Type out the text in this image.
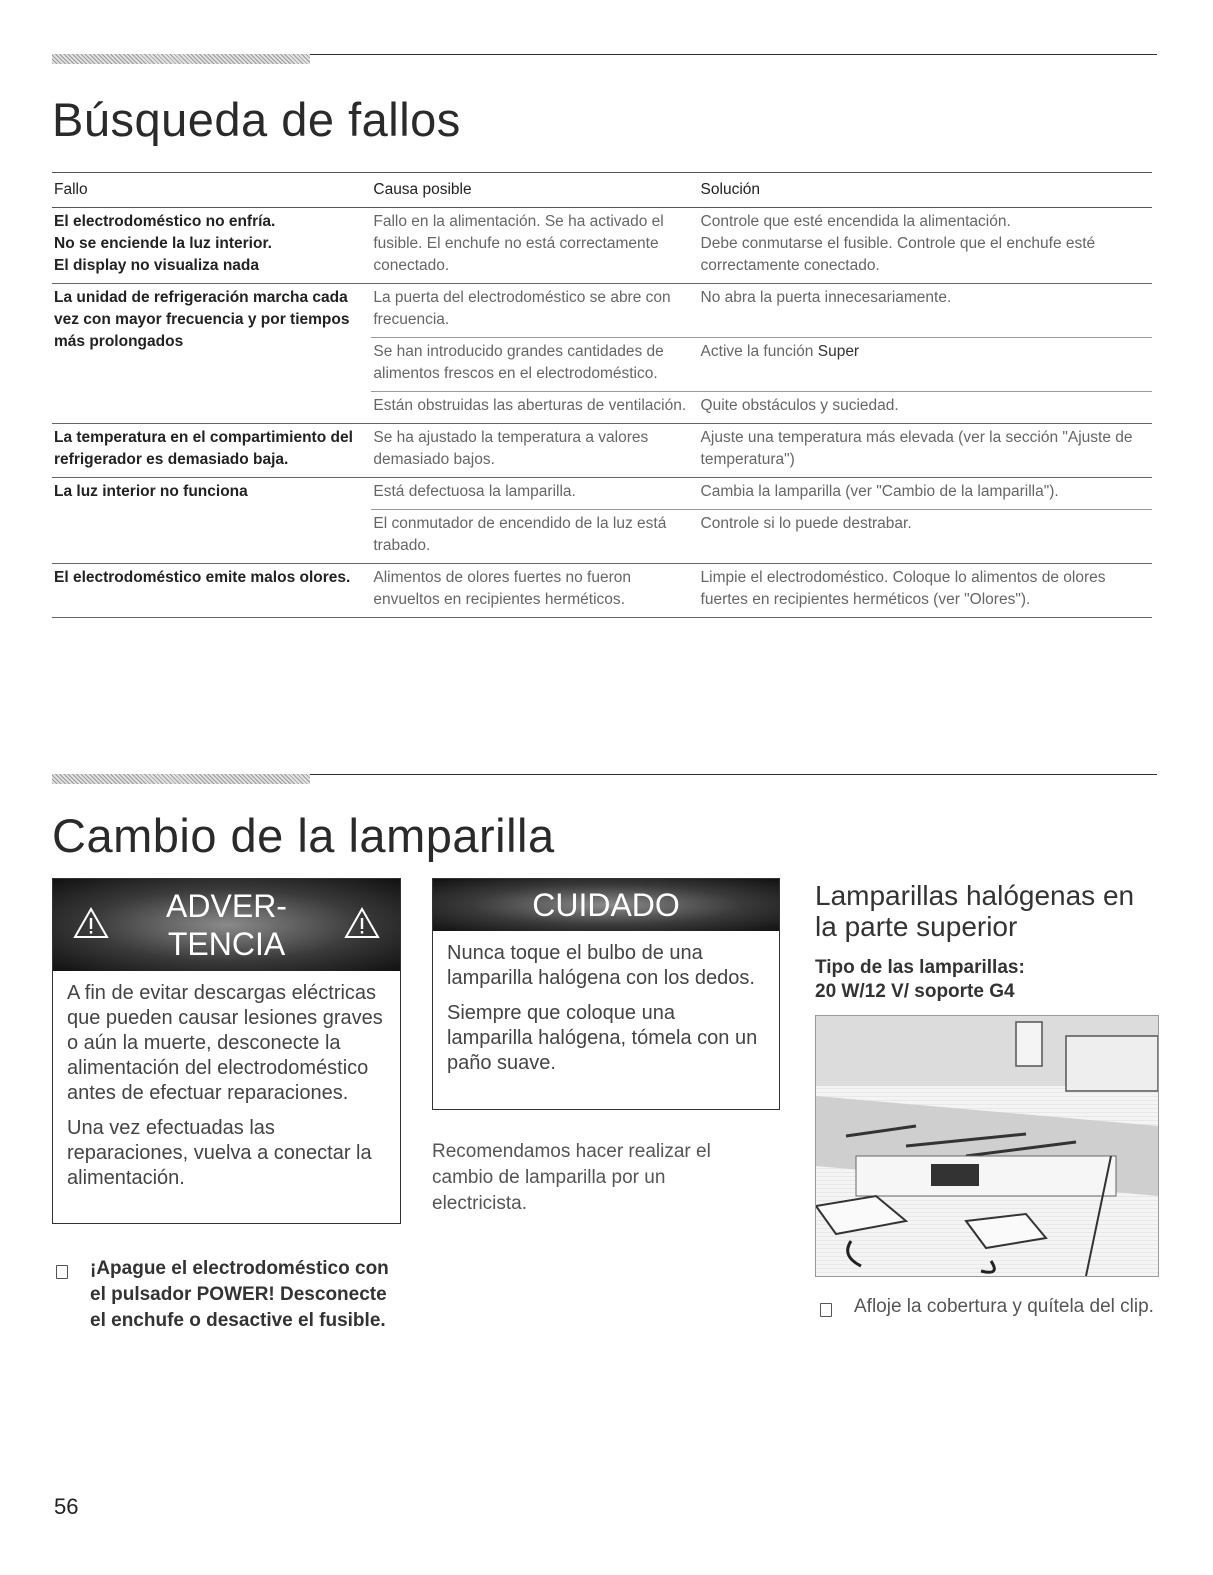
Búsqueda de fallos
Fallo	Causa posible	Solución
El electrodoméstico no enfría.
No se enciende la luz interior.
El display no visualiza nada	Fallo en la alimentación. Se ha activado el fusible. El enchufe no está correctamente conectado.	Controle que esté encendida la alimentación.
Debe conmutarse el fusible. Controle que el enchufe esté correctamente conectado.
La unidad de refrigeración marcha cada vez con mayor frecuencia y por tiempos más prolongados	La puerta del electrodoméstico se abre con frecuencia.	No abra la puerta innecesariamente.
	Se han introducido grandes cantidades de alimentos frescos en el electrodoméstico.	Active la función Super
	Están obstruidas las aberturas de ventilación.	Quite obstáculos y suciedad.
La temperatura en el compartimiento del refrigerador es demasiado baja.	Se ha ajustado la temperatura a valores demasiado bajos.	Ajuste una temperatura más elevada (ver la sección "Ajuste de temperatura")
La luz interior no funciona	Está defectuosa la lamparilla.	Cambia la lamparilla (ver "Cambio de la lamparilla").
	El conmutador de encendido de la luz está trabado.	Controle si lo puede destrabar.
El electrodoméstico emite malos olores.	Alimentos de olores fuertes no fueron envueltos en recipientes herméticos.	Limpie el electrodoméstico. Coloque lo alimentos de olores fuertes en recipientes herméticos (ver "Olores").
Cambio de la lamparilla
ADVER-
TENCIA

A fin de evitar descargas eléctricas que pueden causar lesiones graves o aún la muerte, desconecte la alimentación del electrodoméstico antes de efectuar reparaciones.

Una vez efectuadas las reparaciones, vuelva a conectar la alimentación.

CUIDADO

Nunca toque el bulbo de una lamparilla halógena con los dedos.

Siempre que coloque una lamparilla halógena, tómela con un paño suave.

Recomendamos hacer realizar el cambio de lamparilla por un electricista.
¡Apague el electrodoméstico con el pulsador POWER! Desconecte el enchufe o desactive el fusible.
Lamparillas halógenas en la parte superior
Tipo de las lamparillas:
20 W/12 V/ soporte G4
Afloje la cobertura y quítela del clip.
56
